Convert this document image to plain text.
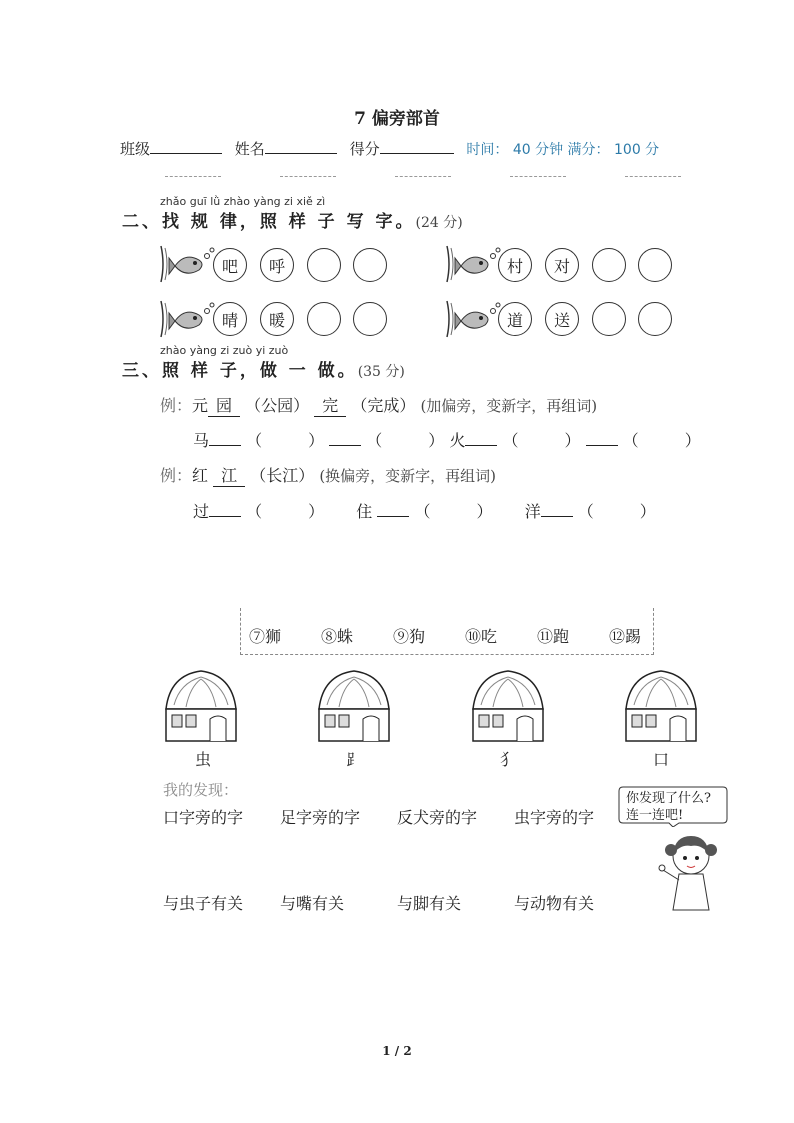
7 偏旁部首
班级	姓名	得分	时间： 40 分钟 满分： 100 分
zhǎo guī lǜ zhào yàng zi xiě zì
二、找 规 律，照 样 子 写 字。(24 分)
吧	呼	村	对
晴	暖	道	送
zhào yàng zi zuò yi zuò
三、照 样 子，做 一 做。(35 分)
例：元 园 （公园） 完 （完成） (加偏旁，变新字，再组词)
马 （	）  （	） 火 （	）  （	）
例：红 江 （长江） (换偏旁，变新字，再组词)
过 （	）  住  （	）  洋 （	）
⑦狮 ⑧蛛 ⑨狗 ⑩吃 ⑪跑 ⑫踢
虫	⻊	犭	口
我的发现：
口字旁的字 足字旁的字 反犬旁的字 虫字旁的字
与虫子有关 与嘴有关	与脚有关	与动物有关
你发现了什么?
连一连吧!
1 / 2
